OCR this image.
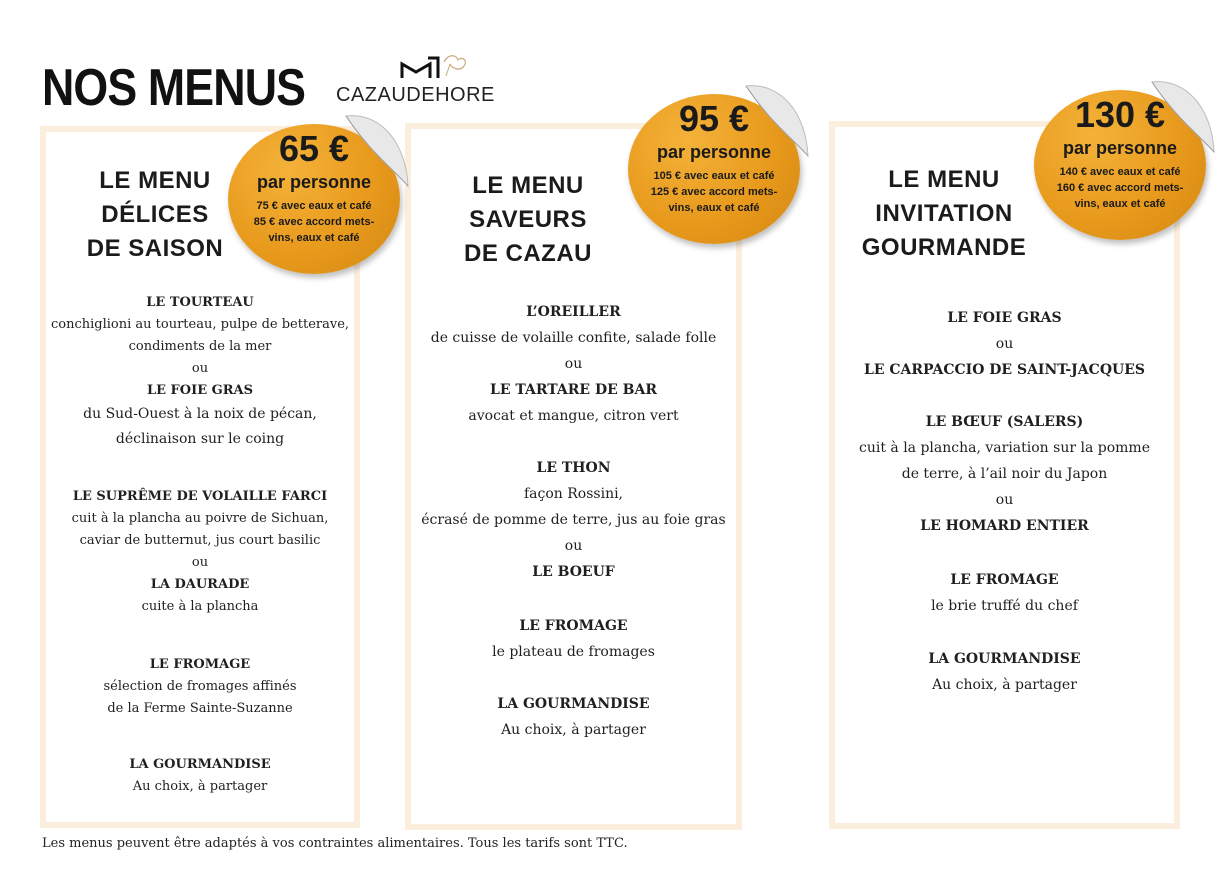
NOS MENUS CAZAUDEHORE
LE MENU
DÉLICES
DE SAISON
LE TOURTEAU
conchiglioni au tourteau, pulpe de betterave,
condiments de la mer
ou
LE FOIE GRAS
du Sud-Ouest à la noix de pécan,
déclinaison sur le coing
LE SUPRÊME DE VOLAILLE FARCI
cuit à la plancha au poivre de Sichuan,
caviar de butternut, jus court basilic
ou
LA DAURADE
cuite à la plancha
LE FROMAGE
sélection de fromages affinés
de la Ferme Sainte-Suzanne
LA GOURMANDISE
Au choix, à partager
LE MENU
SAVEURS
DE CAZAU
L’OREILLER
de cuisse de volaille confite, salade folle
ou
LE TARTARE DE BAR
avocat et mangue, citron vert
LE THON
façon Rossini,
écrasé de pomme de terre, jus au foie gras
ou
LE BOEUF
LE FROMAGE
le plateau de fromages
LA GOURMANDISE
Au choix, à partager
LE MENU
INVITATION
GOURMANDE
LE FOIE GRAS
ou
LE CARPACCIO DE SAINT-JACQUES
LE BŒUF (SALERS)
cuit à la plancha, variation sur la pomme
de terre, à l’ail noir du Japon
ou
LE HOMARD ENTIER
LE FROMAGE
le brie truffé du chef
LA GOURMANDISE
Au choix, à partager
65 €
par personne
75 € avec eaux et café
85 € avec accord mets-
vins, eaux et café
95 €
par personne
105 € avec eaux et café
125 € avec accord mets-
vins, eaux et café
130 €
par personne
140 € avec eaux et café
160 € avec accord mets-
vins, eaux et café
Les menus peuvent être adaptés à vos contraintes alimentaires. Tous les tarifs sont TTC.
